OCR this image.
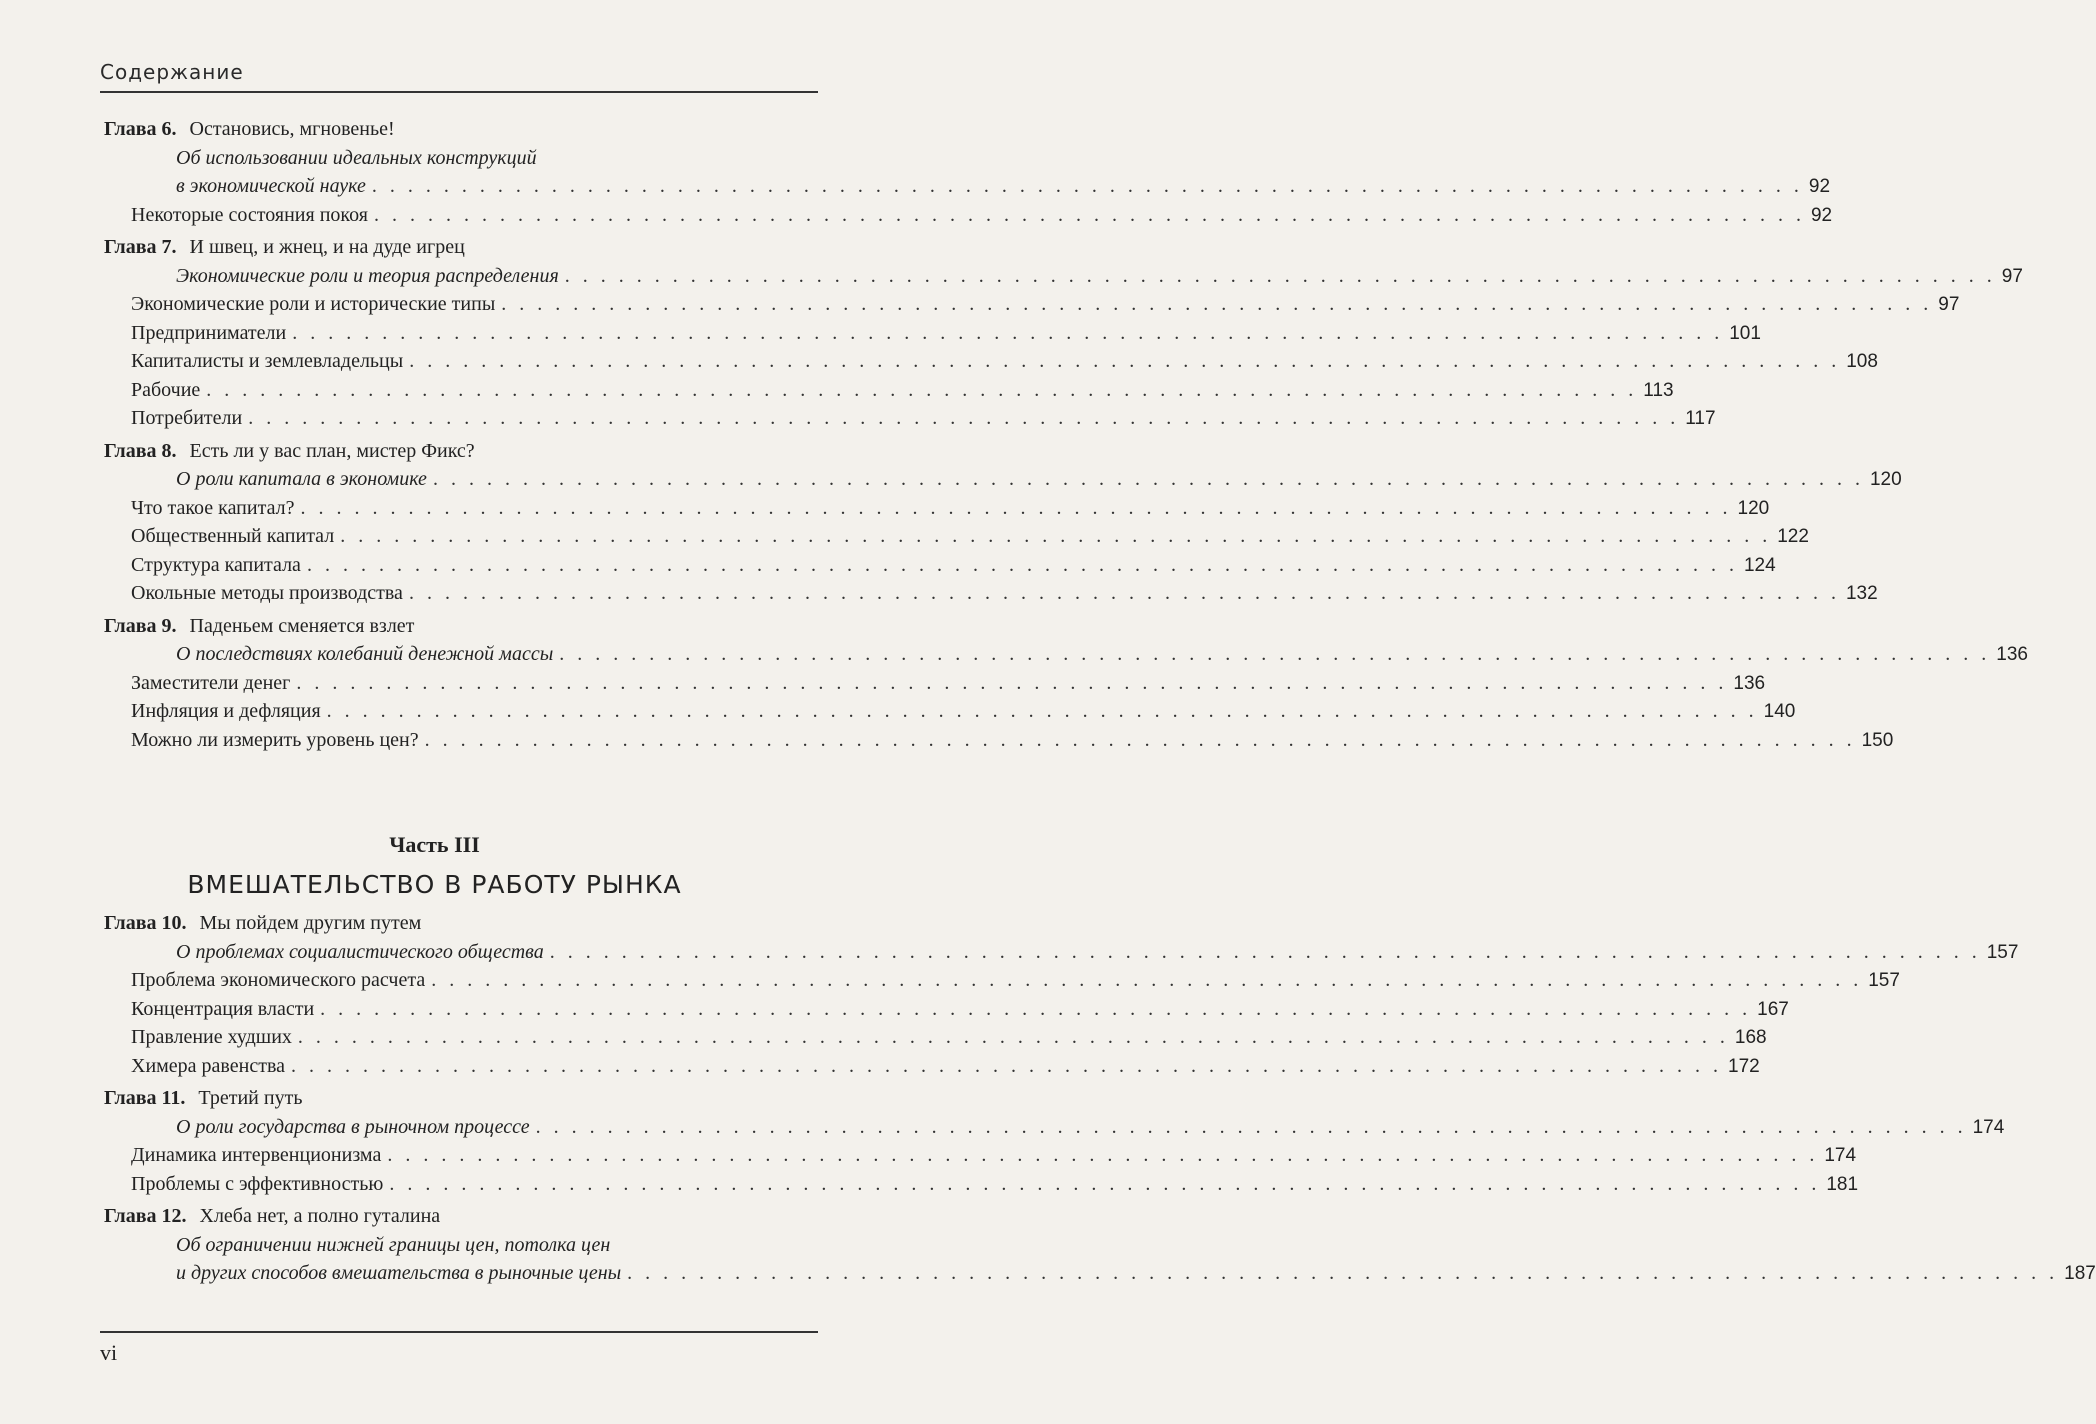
Содержание
Глава 6. Остановись, мгновенье!
Об использовании идеальных конструкций
в экономической науке . . . . . . . . . . . . . . . . . . . . . . . . . . . . . . . . . . . . . . . . . . . . . . . . . . . . . . . . . . . . . . . . . . . . . . . . . . . . . . . . 92
Некоторые состояния покоя . . . . . . . . . . . . . . . . . . . . . . . . . . . . . . . . . . . . . . . . . . . . . . . . . . . . . . . . . . . . . . . . . . . . . . . . . . . . . . . . 92
Глава 7. И швец, и жнец, и на дуде игрец
Экономические роли и теория распределения . . . . . . . . . . . . . . . . . . . . . . . . . . . . . . . . . . . . . . . . . . . . . . . . . . . . . . . . . . . . . . . . . . . . . . . . . . . . . . . . 97
Экономические роли и исторические типы . . . . . . . . . . . . . . . . . . . . . . . . . . . . . . . . . . . . . . . . . . . . . . . . . . . . . . . . . . . . . . . . . . . . . . . . . . . . . . . . 97
Предприниматели . . . . . . . . . . . . . . . . . . . . . . . . . . . . . . . . . . . . . . . . . . . . . . . . . . . . . . . . . . . . . . . . . . . . . . . . . . . . . . . . 101
Капиталисты и землевладельцы . . . . . . . . . . . . . . . . . . . . . . . . . . . . . . . . . . . . . . . . . . . . . . . . . . . . . . . . . . . . . . . . . . . . . . . . . . . . . . . . 108
Рабочие . . . . . . . . . . . . . . . . . . . . . . . . . . . . . . . . . . . . . . . . . . . . . . . . . . . . . . . . . . . . . . . . . . . . . . . . . . . . . . . . 113
Потребители . . . . . . . . . . . . . . . . . . . . . . . . . . . . . . . . . . . . . . . . . . . . . . . . . . . . . . . . . . . . . . . . . . . . . . . . . . . . . . . . 117
Глава 8. Есть ли у вас план, мистер Фикс?
О роли капитала в экономике . . . . . . . . . . . . . . . . . . . . . . . . . . . . . . . . . . . . . . . . . . . . . . . . . . . . . . . . . . . . . . . . . . . . . . . . . . . . . . . . 120
Что такое капитал? . . . . . . . . . . . . . . . . . . . . . . . . . . . . . . . . . . . . . . . . . . . . . . . . . . . . . . . . . . . . . . . . . . . . . . . . . . . . . . . . 120
Общественный капитал . . . . . . . . . . . . . . . . . . . . . . . . . . . . . . . . . . . . . . . . . . . . . . . . . . . . . . . . . . . . . . . . . . . . . . . . . . . . . . . . 122
Структура капитала . . . . . . . . . . . . . . . . . . . . . . . . . . . . . . . . . . . . . . . . . . . . . . . . . . . . . . . . . . . . . . . . . . . . . . . . . . . . . . . . 124
Окольные методы производства . . . . . . . . . . . . . . . . . . . . . . . . . . . . . . . . . . . . . . . . . . . . . . . . . . . . . . . . . . . . . . . . . . . . . . . . . . . . . . . . 132
Глава 9. Паденьем сменяется взлет
О последствиях колебаний денежной массы . . . . . . . . . . . . . . . . . . . . . . . . . . . . . . . . . . . . . . . . . . . . . . . . . . . . . . . . . . . . . . . . . . . . . . . . . . . . . . . . 136
Заместители денег . . . . . . . . . . . . . . . . . . . . . . . . . . . . . . . . . . . . . . . . . . . . . . . . . . . . . . . . . . . . . . . . . . . . . . . . . . . . . . . . 136
Инфляция и дефляция . . . . . . . . . . . . . . . . . . . . . . . . . . . . . . . . . . . . . . . . . . . . . . . . . . . . . . . . . . . . . . . . . . . . . . . . . . . . . . . . 140
Можно ли измерить уровень цен? . . . . . . . . . . . . . . . . . . . . . . . . . . . . . . . . . . . . . . . . . . . . . . . . . . . . . . . . . . . . . . . . . . . . . . . . . . . . . . . . 150
Глава 10. Мы пойдем другим путем
О проблемах социалистического общества . . . . . . . . . . . . . . . . . . . . . . . . . . . . . . . . . . . . . . . . . . . . . . . . . . . . . . . . . . . . . . . . . . . . . . . . . . . . . . . . 157
Проблема экономического расчета . . . . . . . . . . . . . . . . . . . . . . . . . . . . . . . . . . . . . . . . . . . . . . . . . . . . . . . . . . . . . . . . . . . . . . . . . . . . . . . . 157
Концентрация власти . . . . . . . . . . . . . . . . . . . . . . . . . . . . . . . . . . . . . . . . . . . . . . . . . . . . . . . . . . . . . . . . . . . . . . . . . . . . . . . . 167
Правление худших . . . . . . . . . . . . . . . . . . . . . . . . . . . . . . . . . . . . . . . . . . . . . . . . . . . . . . . . . . . . . . . . . . . . . . . . . . . . . . . . 168
Химера равенства . . . . . . . . . . . . . . . . . . . . . . . . . . . . . . . . . . . . . . . . . . . . . . . . . . . . . . . . . . . . . . . . . . . . . . . . . . . . . . . . 172
Глава 11. Третий путь
О роли государства в рыночном процессе . . . . . . . . . . . . . . . . . . . . . . . . . . . . . . . . . . . . . . . . . . . . . . . . . . . . . . . . . . . . . . . . . . . . . . . . . . . . . . . . 174
Динамика интервенционизма . . . . . . . . . . . . . . . . . . . . . . . . . . . . . . . . . . . . . . . . . . . . . . . . . . . . . . . . . . . . . . . . . . . . . . . . . . . . . . . . 174
Проблемы с эффективностью . . . . . . . . . . . . . . . . . . . . . . . . . . . . . . . . . . . . . . . . . . . . . . . . . . . . . . . . . . . . . . . . . . . . . . . . . . . . . . . . 181
Глава 12. Хлеба нет, а полно гуталина
Об ограничении нижней границы цен, потолка цен
и других способов вмешательства в рыночные цены . . . . . . . . . . . . . . . . . . . . . . . . . . . . . . . . . . . . . . . . . . . . . . . . . . . . . . . . . . . . . . . . . . . . . . . . . . . . . . . . 187
Часть III
ВМЕШАТЕЛЬСТВО В РАБОТУ РЫНКА
vi
